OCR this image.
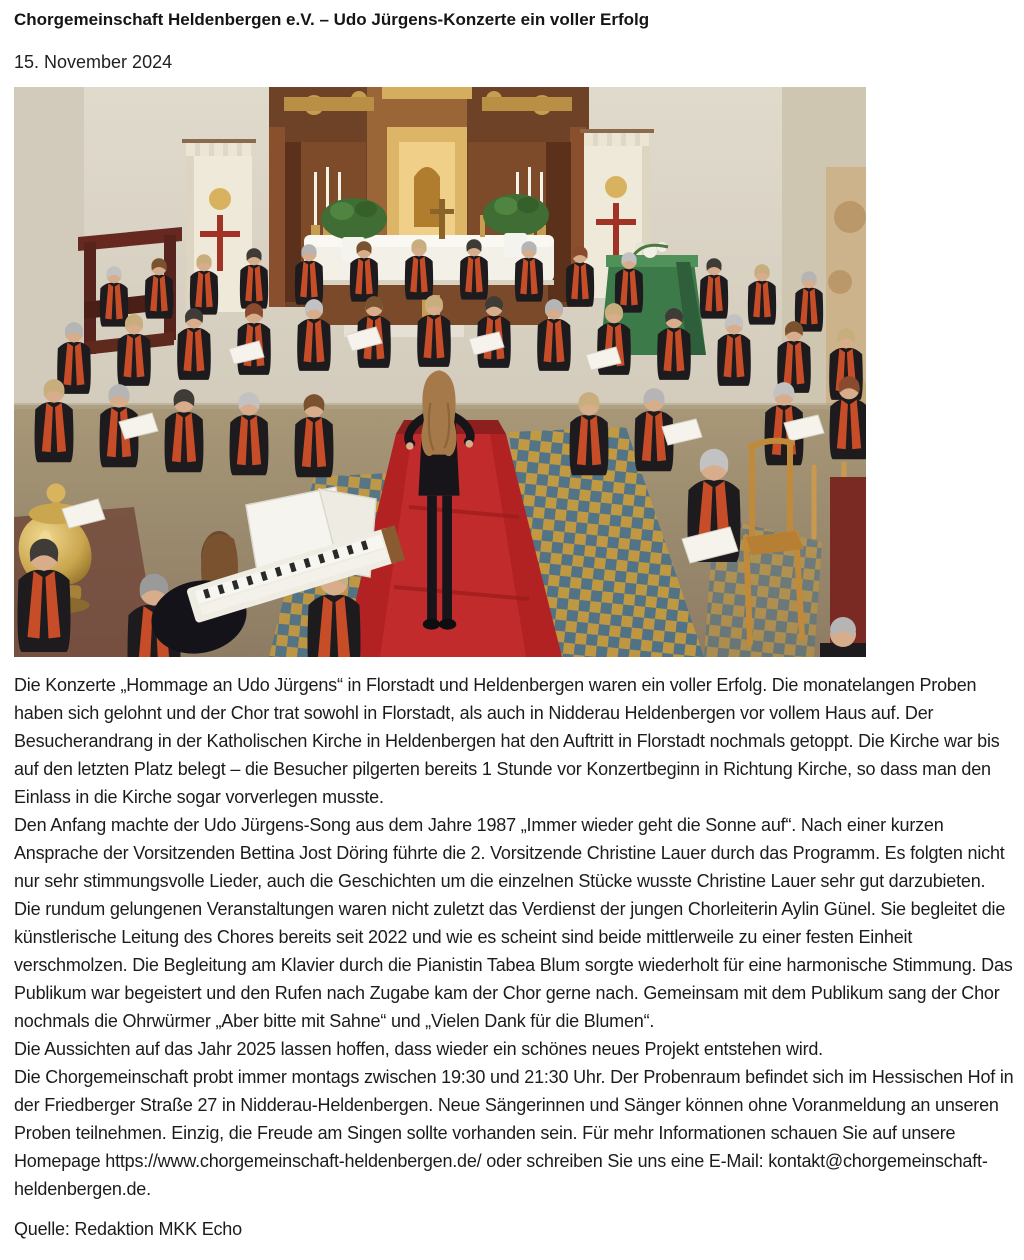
Chorgemeinschaft Heldenbergen e.V. – Udo Jürgens-Konzerte ein voller Erfolg
15. November 2024

Die Konzerte „Hommage an Udo Jürgens“ in Florstadt und Heldenbergen waren ein voller Erfolg. Die monatelangen Proben haben sich gelohnt und der Chor trat sowohl in Florstadt, als auch in Nidderau Heldenbergen vor vollem Haus auf. Der Besucherandrang in der Katholischen Kirche in Heldenbergen hat den Auftritt in Florstadt nochmals getoppt. Die Kirche war bis auf den letzten Platz belegt – die Besucher pilgerten bereits 1 Stunde vor Konzertbeginn in Richtung Kirche, so dass man den Einlass in die Kirche sogar vorverlegen musste.

Den Anfang machte der Udo Jürgens-Song aus dem Jahre 1987 „Immer wieder geht die Sonne auf“. Nach einer kurzen Ansprache der Vorsitzenden Bettina Jost Döring führte die 2. Vorsitzende Christine Lauer durch das Programm. Es folgten nicht nur sehr stimmungsvolle Lieder, auch die Geschichten um die einzelnen Stücke wusste Christine Lauer sehr gut darzubieten. Die rundum gelungenen Veranstaltungen waren nicht zuletzt das Verdienst der jungen Chorleiterin Aylin Günel. Sie begleitet die künstlerische Leitung des Chores bereits seit 2022 und wie es scheint sind beide mittlerweile zu einer festen Einheit verschmolzen. Die Begleitung am Klavier durch die Pianistin Tabea Blum sorgte wiederholt für eine harmonische Stimmung. Das Publikum war begeistert und den Rufen nach Zugabe kam der Chor gerne nach. Gemeinsam mit dem Publikum sang der Chor nochmals die Ohrwürmer „Aber bitte mit Sahne“ und „Vielen Dank für die Blumen“.

Die Aussichten auf das Jahr 2025 lassen hoffen, dass wieder ein schönes neues Projekt entstehen wird.

Die Chorgemeinschaft probt immer montags zwischen 19:30 und 21:30 Uhr. Der Probenraum befindet sich im Hessischen Hof in der Friedberger Straße 27 in Nidderau-Heldenbergen. Neue Sängerinnen und Sänger können ohne Voranmeldung an unseren Proben teilnehmen. Einzig, die Freude am Singen sollte vorhanden sein. Für mehr Informationen schauen Sie auf unsere Homepage https://www.chorgemeinschaft-heldenbergen.de/ oder schreiben Sie uns eine E-Mail: kontakt@chorgemeinschaft-heldenbergen.de.

Quelle: Redaktion MKK Echo
